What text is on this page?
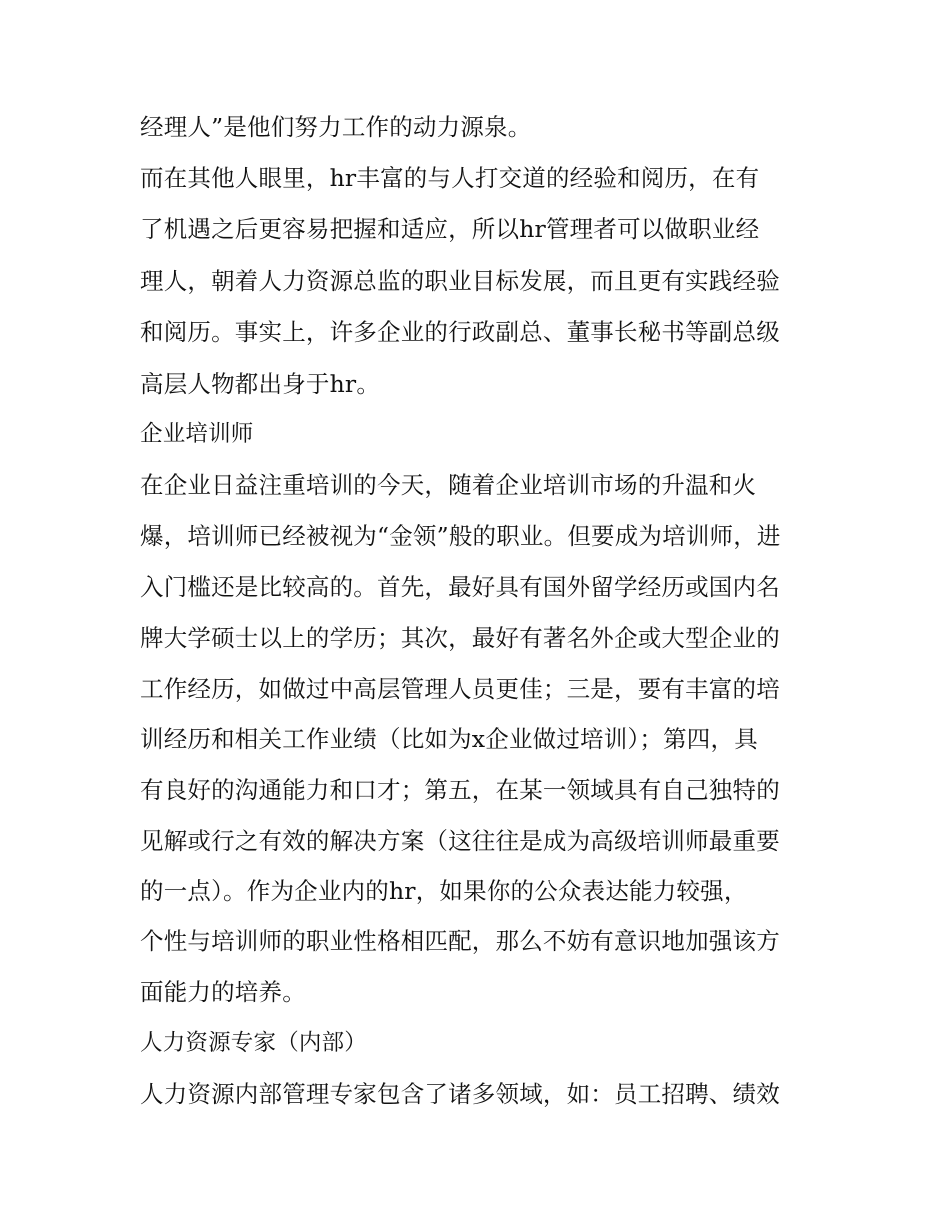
经理人”是他们努力工作的动力源泉。
而在其他人眼里，hr丰富的与人打交道的经验和阅历，在有
了机遇之后更容易把握和适应，所以hr管理者可以做职业经
理人，朝着人力资源总监的职业目标发展，而且更有实践经验
和阅历。事实上，许多企业的行政副总、董事长秘书等副总级
高层人物都出身于hr。
企业培训师
在企业日益注重培训的今天，随着企业培训市场的升温和火
爆，培训师已经被视为“金领”般的职业。但要成为培训师，进
入门槛还是比较高的。首先，最好具有国外留学经历或国内名
牌大学硕士以上的学历；其次，最好有著名外企或大型企业的
工作经历，如做过中高层管理人员更佳；三是，要有丰富的培
训经历和相关工作业绩（比如为x企业做过培训）；第四，具
有良好的沟通能力和口才；第五，在某一领域具有自己独特的
见解或行之有效的解决方案（这往往是成为高级培训师最重要
的一点）。作为企业内的hr，如果你的公众表达能力较强，
个性与培训师的职业性格相匹配，那么不妨有意识地加强该方
面能力的培养。
人力资源专家（内部）
人力资源内部管理专家包含了诸多领域，如：员工招聘、绩效
